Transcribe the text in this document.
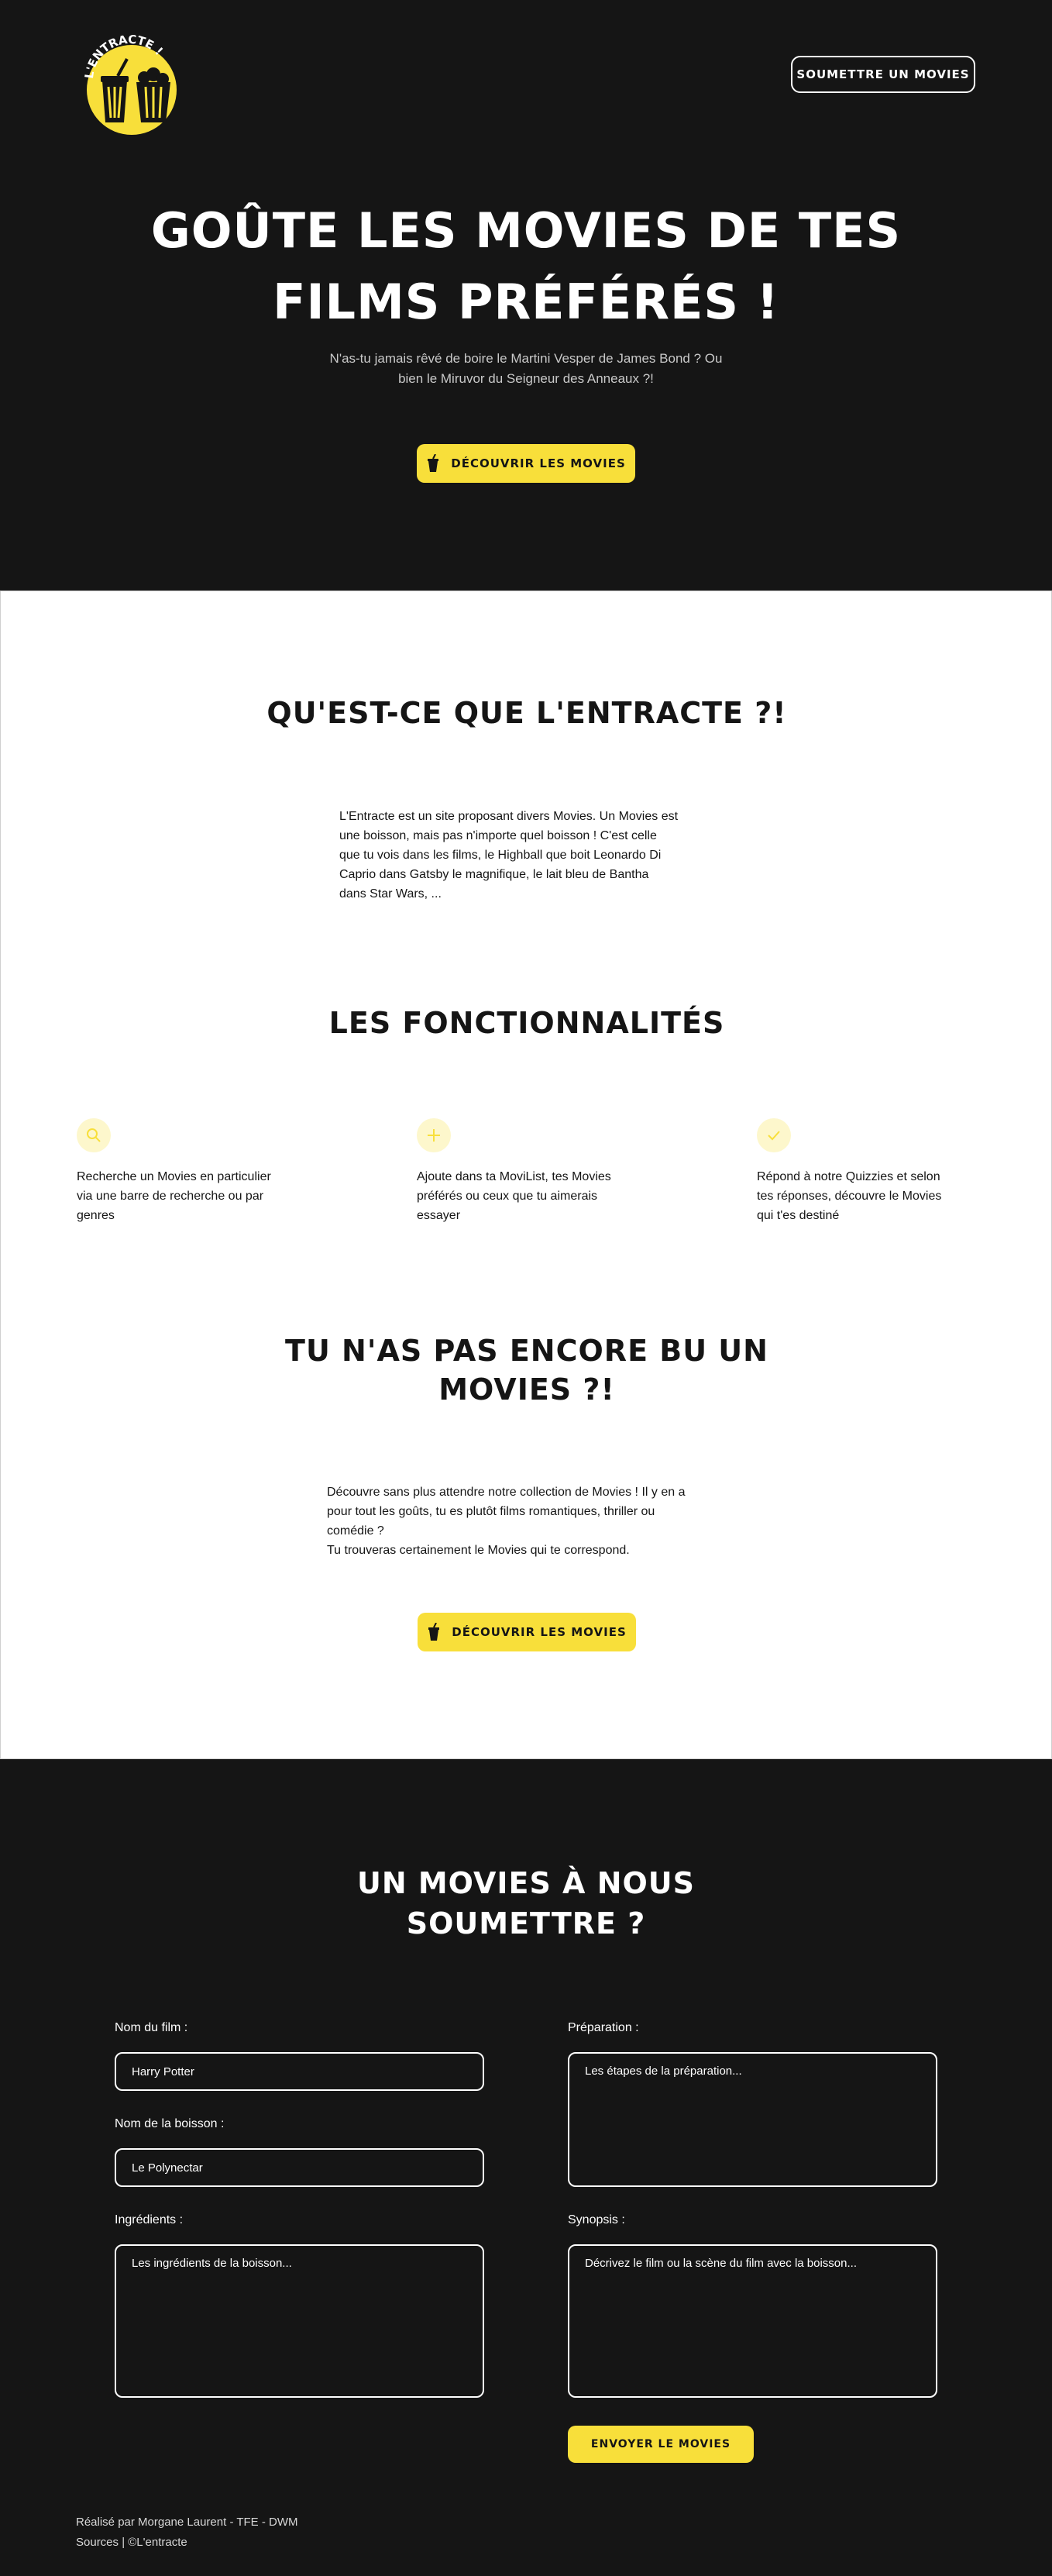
L'ENTRACTE !
SOUMETTRE UN MOVIES
GOÛTE LES MOVIES DE TES
FILMS PRÉFÉRÉS !

N'as-tu jamais rêvé de boire le Martini Vesper de James Bond ? Ou
bien le Miruvor du Seigneur des Anneaux ?!

DÉCOUVRIR LES MOVIES
QU'EST-CE QUE L'ENTRACTE ?!
L'Entracte est un site proposant divers Movies. Un Movies est
une boisson, mais pas n'importe quel boisson ! C'est celle
que tu vois dans les films, le Highball que boit Leonardo Di
Caprio dans Gatsby le magnifique, le lait bleu de Bantha
dans Star Wars, ...
LES FONCTIONNALITÉS
Recherche un Movies en particulier
via une barre de recherche ou par
genres
Ajoute dans ta MoviList, tes Movies
préférés ou ceux que tu aimerais
essayer
Répond à notre Quizzies et selon
tes réponses, découvre le Movies
qui t'es destiné
TU N'AS PAS ENCORE BU UN
MOVIES ?!
Découvre sans plus attendre notre collection de Movies ! Il y en a
pour tout les goûts, tu es plutôt films romantiques, thriller ou
comédie ?
Tu trouveras certainement le Movies qui te correspond.
DÉCOUVRIR LES MOVIES
UN MOVIES À NOUS
SOUMETTRE ?
Nom du film :
Harry Potter
Nom de la boisson :
Le Polynectar
Ingrédients :
Les ingrédients de la boisson...
Préparation :
Les étapes de la préparation...
Synopsis :
Décrivez le film ou la scène du film avec la boisson...
ENVOYER LE MOVIES
Réalisé par Morgane Laurent - TFE - DWM
Sources | ©L'entracte
